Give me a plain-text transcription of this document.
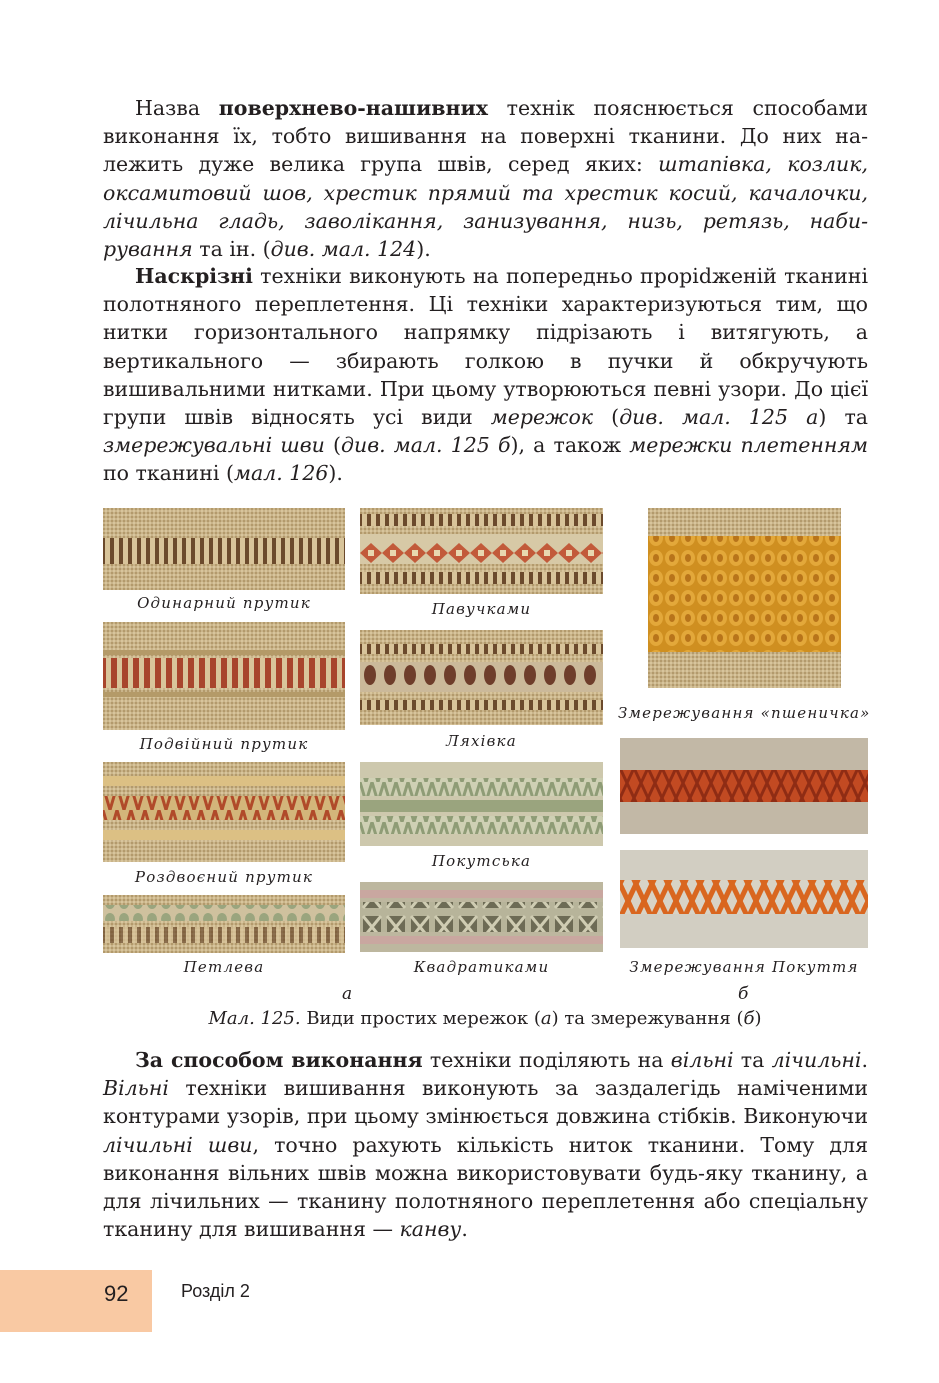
Назва поверхнево-нашивних технік пояснюється способами виконання їх, тобто вишивання на поверхні тканини. До них належить дуже велика група швів, серед яких: штапівка, козлик, оксамитовий шов, хрестик прямий та хрестик косий, качалочки, лічильна гладь, заволікання, занизування, низь, ретязь, набирування та ін. (див. мал. 124).
Наскрізні техніки виконують на попередньо проріdженій тканині полотняного переплетення. Ці техніки характеризуються тим, що нитки горизонтального напрямку підрізають і витягують, а вертикального — збирають голкою в пучки й обкручують вишивальними нитками. При цьому утворюються певні узори. До цієї групи швів відносять усі види мережок (див. мал. 125 а) та змережувальні шви (див. мал. 125 б), а також мережки плетенням по тканині (мал. 126).
Одинарний прутик
Подвійний прутик
Роздвоєний прутик
Петлева
Павучками
Ляхівка
Покутська
Квадратиками
Змережування «пшеничка»
Змережування Покуття
а	б
Мал. 125. Види простих мережок (а) та змережування (б)
За способом виконання техніки поділяють на вільні та лічильні. Вільні техніки вишивання виконують за заздалегідь наміченими контурами узорів, при цьому змінюється довжина стібків. Виконуючи лічильні шви, точно рахують кількість ниток тканини. Тому для виконання вільних швів можна використовувати будь-яку тканину, а для лічильних — тканину полотняного переплетення або спеціальну тканину для вишивання — канву.
92	Розділ 2
